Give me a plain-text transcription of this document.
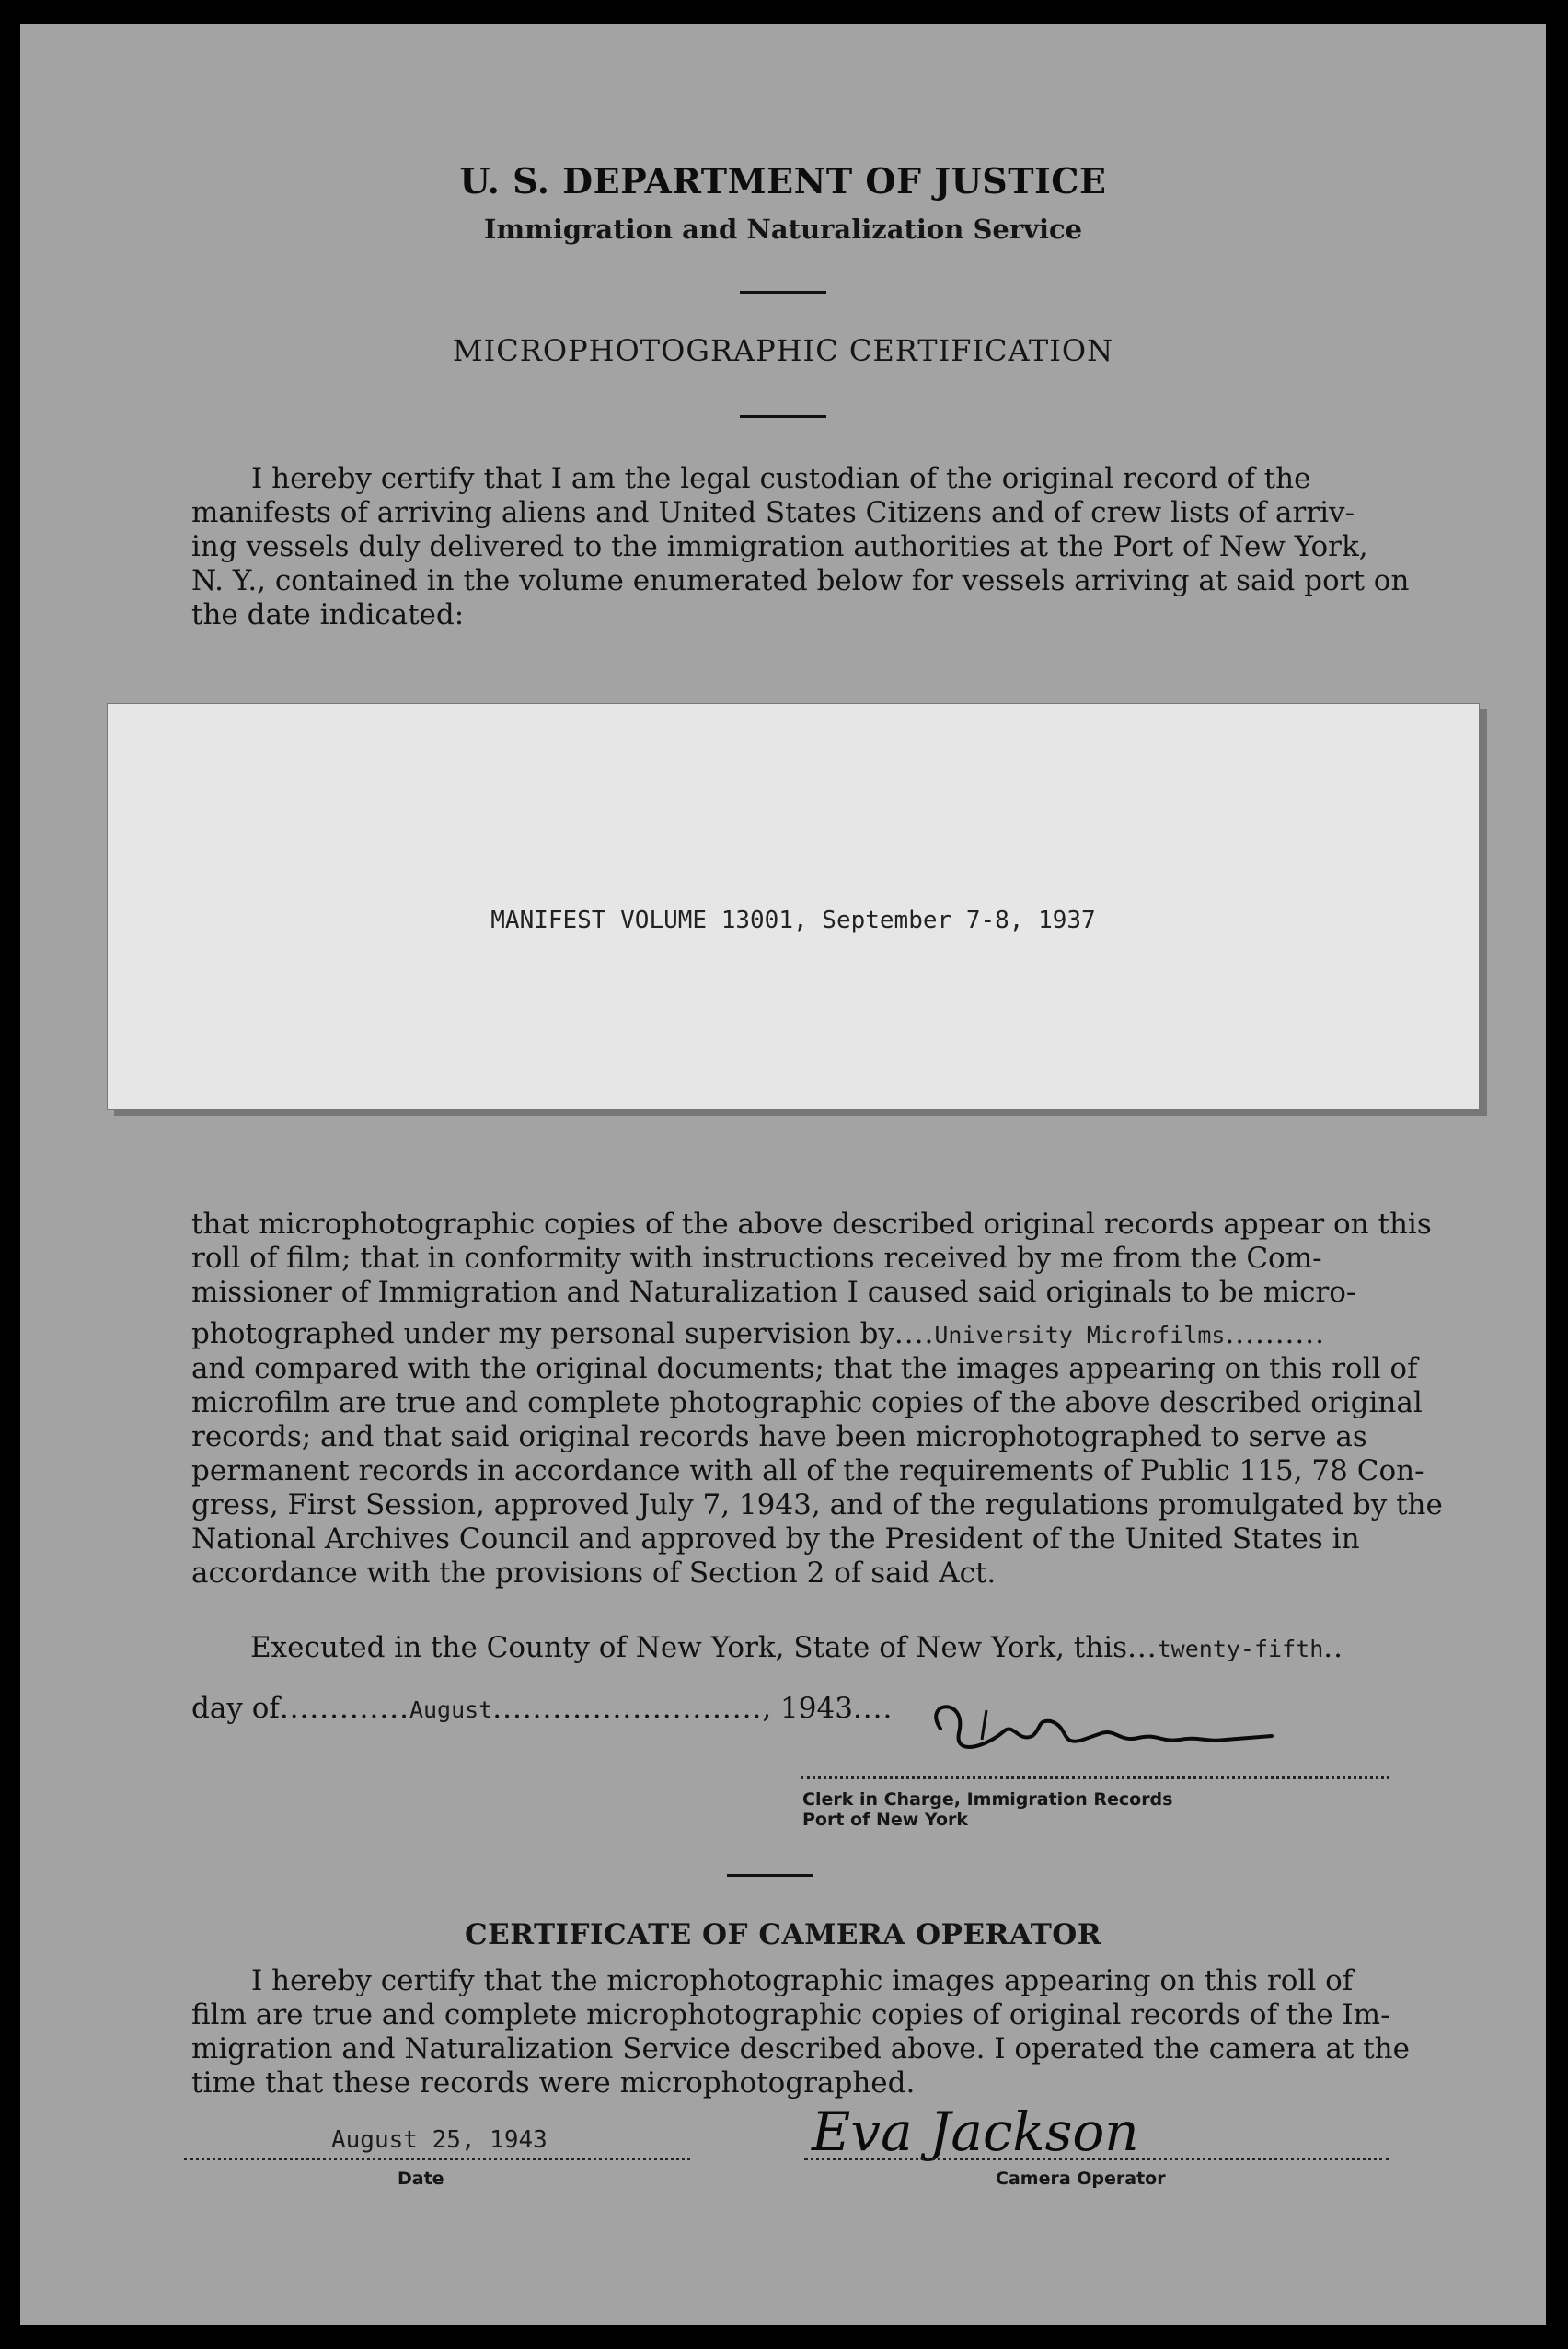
U. S. DEPARTMENT OF JUSTICE
Immigration and Naturalization Service
MICROPHOTOGRAPHIC CERTIFICATION

I hereby certify that I am the legal custodian of the original record of the

manifests of arriving aliens and United States Citizens and of crew lists of arriv-

ing vessels duly delivered to the immigration authorities at the Port of New York,

N. Y., contained in the volume enumerated below for vessels arriving at said port on

the date indicated:

MANIFEST VOLUME 13001, September 7-8, 1937

that microphotographic copies of the above described original records appear on this

roll of film; that in conformity with instructions received by me from the Com-

missioner of Immigration and Naturalization I caused said originals to be micro-

photographed under my personal supervision by....University Microfilms..........

and compared with the original documents; that the images appearing on this roll of

microfilm are true and complete photographic copies of the above described original

records; and that said original records have been microphotographed to serve as

permanent records in accordance with all of the requirements of Public 115, 78 Con-

gress, First Session, approved July 7, 1943, and of the regulations promulgated by the

National Archives Council and approved by the President of the United States in

accordance with the provisions of Section 2 of said Act.

Executed in the County of New York, State of New York, this...twenty-fifth..
day of.............August..........................., 1943....
Clerk in Charge, Immigration Records
Port of New York
CERTIFICATE OF CAMERA OPERATOR

I hereby certify that the microphotographic images appearing on this roll of

film are true and complete microphotographic copies of original records of the Im-

migration and Naturalization Service described above. I operated the camera at the

time that these records were microphotographed.

August 25, 1943
Date
Eva Jackson
Camera Operator
